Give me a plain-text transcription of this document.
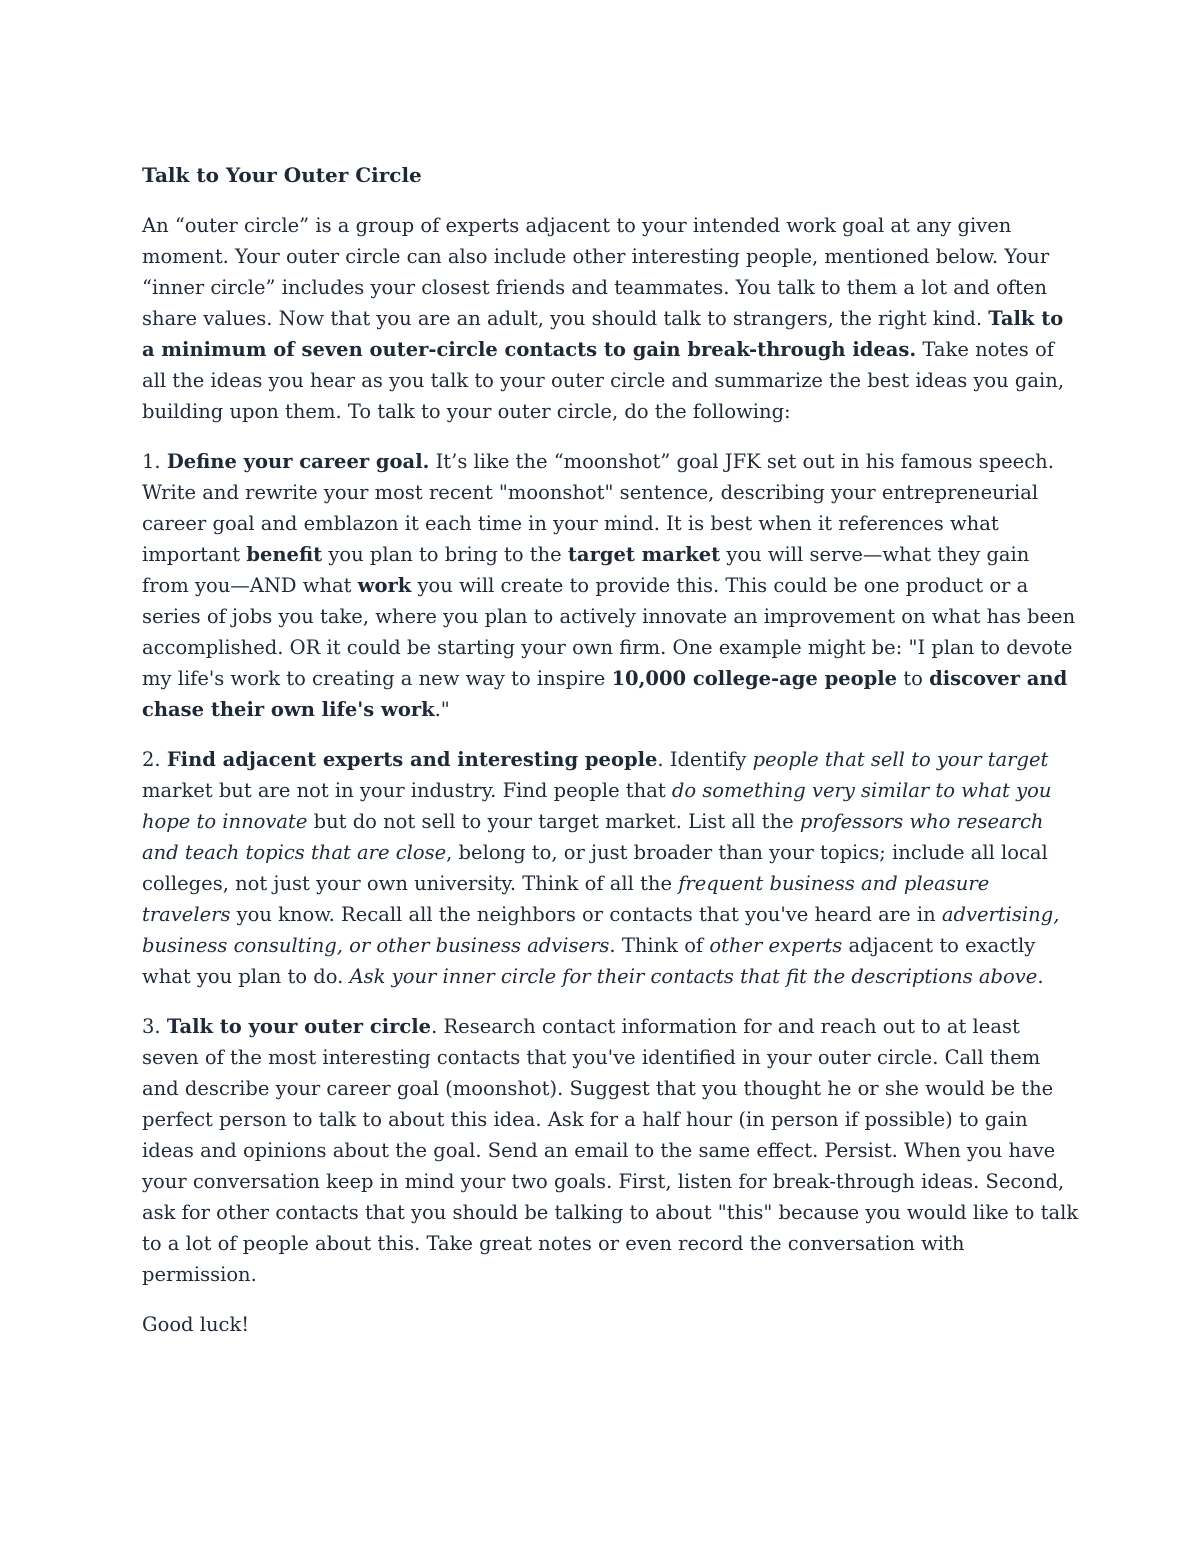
Talk to Your Outer Circle

An “outer circle” is a group of experts adjacent to your intended work goal at any given moment. Your outer circle can also include other interesting people, mentioned below. Your “inner circle” includes your closest friends and teammates. You talk to them a lot and often share values. Now that you are an adult, you should talk to strangers, the right kind. Talk to a minimum of seven outer-circle contacts to gain break-through ideas. Take notes of all the ideas you hear as you talk to your outer circle and summarize the best ideas you gain, building upon them. To talk to your outer circle, do the following:

1. Define your career goal. It’s like the “moonshot” goal JFK set out in his famous speech. Write and rewrite your most recent "moonshot" sentence, describing your entrepreneurial career goal and emblazon it each time in your mind. It is best when it references what important benefit you plan to bring to the target market you will serve—what they gain from you—AND what work you will create to provide this. This could be one product or a series of jobs you take, where you plan to actively innovate an improvement on what has been accomplished. OR it could be starting your own firm. One example might be: "I plan to devote my life's work to creating a new way to inspire 10,000 college-age people to discover and chase their own life's work."

2. Find adjacent experts and interesting people. Identify people that sell to your target market but are not in your industry. Find people that do something very similar to what you hope to innovate but do not sell to your target market. List all the professors who research and teach topics that are close, belong to, or just broader than your topics; include all local colleges, not just your own university. Think of all the frequent business and pleasure travelers you know. Recall all the neighbors or contacts that you've heard are in advertising, business consulting, or other business advisers. Think of other experts adjacent to exactly what you plan to do. Ask your inner circle for their contacts that fit the descriptions above.

3. Talk to your outer circle. Research contact information for and reach out to at least seven of the most interesting contacts that you've identified in your outer circle. Call them and describe your career goal (moonshot). Suggest that you thought he or she would be the perfect person to talk to about this idea. Ask for a half hour (in person if possible) to gain ideas and opinions about the goal. Send an email to the same effect. Persist. When you have your conversation keep in mind your two goals. First, listen for break-through ideas. Second, ask for other contacts that you should be talking to about "this" because you would like to talk to a lot of people about this. Take great notes or even record the conversation with permission.

Good luck!
